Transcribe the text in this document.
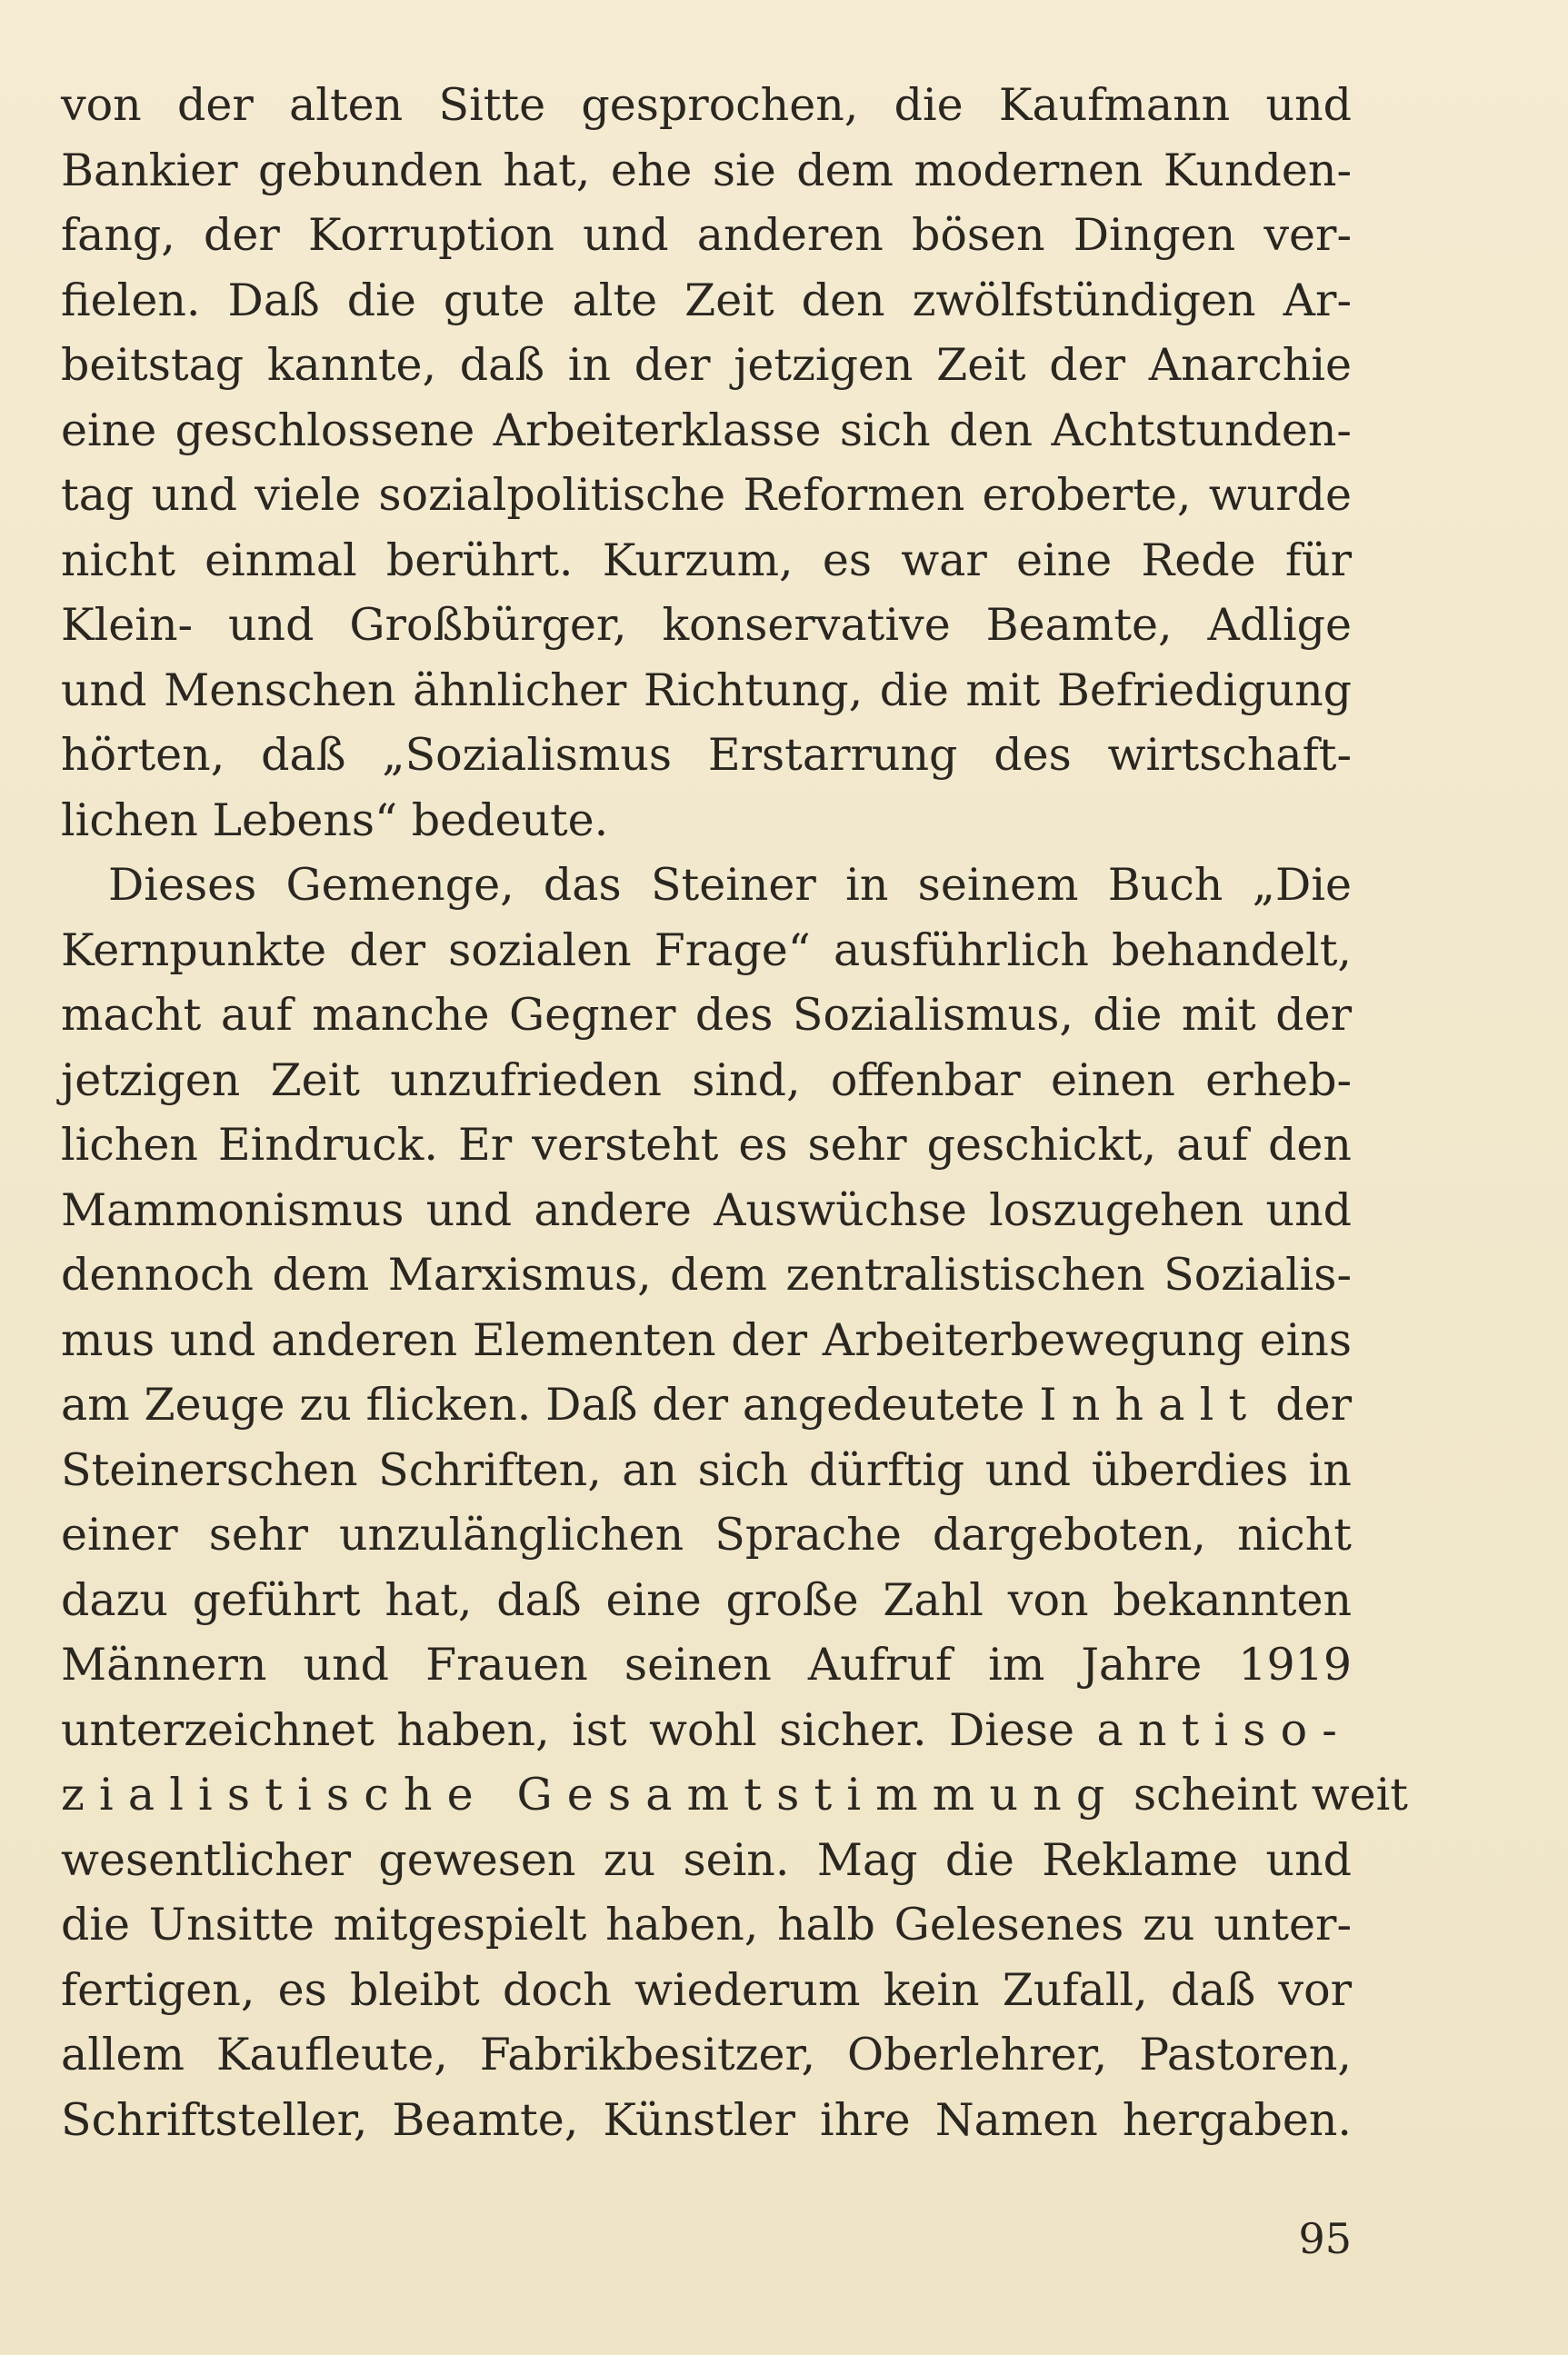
von der alten Sitte gesprochen, die Kaufmann und
Bankier gebunden hat, ehe sie dem modernen Kunden-
fang, der Korruption und anderen bösen Dingen ver-
fielen. Daß die gute alte Zeit den zwölfstündigen Ar-
beitstag kannte, daß in der jetzigen Zeit der Anarchie
eine geschlossene Arbeiterklasse sich den Achtstunden-
tag und viele sozialpolitische Reformen eroberte, wurde
nicht einmal berührt. Kurzum, es war eine Rede für
Klein- und Großbürger, konservative Beamte, Adlige
und Menschen ähnlicher Richtung, die mit Befriedigung
hörten, daß „Sozialismus Erstarrung des wirtschaft-
lichen Lebens“ bedeute.
Dieses Gemenge, das Steiner in seinem Buch „Die
Kernpunkte der sozialen Frage“ ausführlich behandelt,
macht auf manche Gegner des Sozialismus, die mit der
jetzigen Zeit unzufrieden sind, offenbar einen erheb-
lichen Eindruck. Er versteht es sehr geschickt, auf den
Mammonismus und andere Auswüchse loszugehen und
dennoch dem Marxismus, dem zentralistischen Sozialis-
mus und anderen Elementen der Arbeiterbewegung eins
am Zeuge zu flicken. Daß der angedeutete Inhalt der
Steinerschen Schriften, an sich dürftig und überdies in
einer sehr unzulänglichen Sprache dargeboten, nicht
dazu geführt hat, daß eine große Zahl von bekannten
Männern und Frauen seinen Aufruf im Jahre 1919
unterzeichnet haben, ist wohl sicher. Diese antiso-
zialistische Gesamtstimmung scheint weit
wesentlicher gewesen zu sein. Mag die Reklame und
die Unsitte mitgespielt haben, halb Gelesenes zu unter-
fertigen, es bleibt doch wiederum kein Zufall, daß vor
allem Kaufleute, Fabrikbesitzer, Oberlehrer, Pastoren,
Schriftsteller, Beamte, Künstler ihre Namen hergaben.
95
